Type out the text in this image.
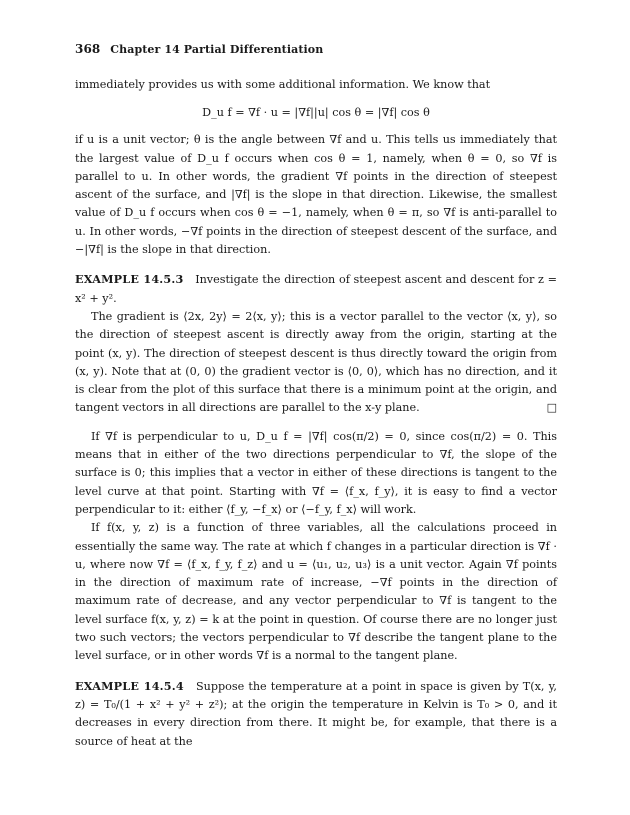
368 Chapter 14 Partial Differentiation

immediately provides us with some additional information. We know that

D_u f = ∇f · u = |∇f||u| cos θ = |∇f| cos θ

if u is a unit vector; θ is the angle between ∇f and u. This tells us immediately that the largest value of D_u f occurs when cos θ = 1, namely, when θ = 0, so ∇f is parallel to u. In other words, the gradient ∇f points in the direction of steepest ascent of the surface, and |∇f| is the slope in that direction. Likewise, the smallest value of D_u f occurs when cos θ = −1, namely, when θ = π, so ∇f is anti-parallel to u. In other words, −∇f points in the direction of steepest descent of the surface, and −|∇f| is the slope in that direction.

EXAMPLE 14.5.3 Investigate the direction of steepest ascent and descent for z = x² + y².

The gradient is ⟨2x, 2y⟩ = 2⟨x, y⟩; this is a vector parallel to the vector ⟨x, y⟩, so the direction of steepest ascent is directly away from the origin, starting at the point (x, y). The direction of steepest descent is thus directly toward the origin from (x, y). Note that at (0, 0) the gradient vector is ⟨0, 0⟩, which has no direction, and it is clear from the plot of this surface that there is a minimum point at the origin, and tangent vectors in all directions are parallel to the x-y plane.	□

If ∇f is perpendicular to u, D_u f = |∇f| cos(π/2) = 0, since cos(π/2) = 0. This means that in either of the two directions perpendicular to ∇f, the slope of the surface is 0; this implies that a vector in either of these directions is tangent to the level curve at that point. Starting with ∇f = ⟨f_x, f_y⟩, it is easy to find a vector perpendicular to it: either ⟨f_y, −f_x⟩ or ⟨−f_y, f_x⟩ will work.

If f(x, y, z) is a function of three variables, all the calculations proceed in essentially the same way. The rate at which f changes in a particular direction is ∇f · u, where now ∇f = ⟨f_x, f_y, f_z⟩ and u = ⟨u₁, u₂, u₃⟩ is a unit vector. Again ∇f points in the direction of maximum rate of increase, −∇f points in the direction of maximum rate of decrease, and any vector perpendicular to ∇f is tangent to the level surface f(x, y, z) = k at the point in question. Of course there are no longer just two such vectors; the vectors perpendicular to ∇f describe the tangent plane to the level surface, or in other words ∇f is a normal to the tangent plane.

EXAMPLE 14.5.4 Suppose the temperature at a point in space is given by T(x, y, z) = T₀/(1 + x² + y² + z²); at the origin the temperature in Kelvin is T₀ > 0, and it decreases in every direction from there. It might be, for example, that there is a source of heat at the
